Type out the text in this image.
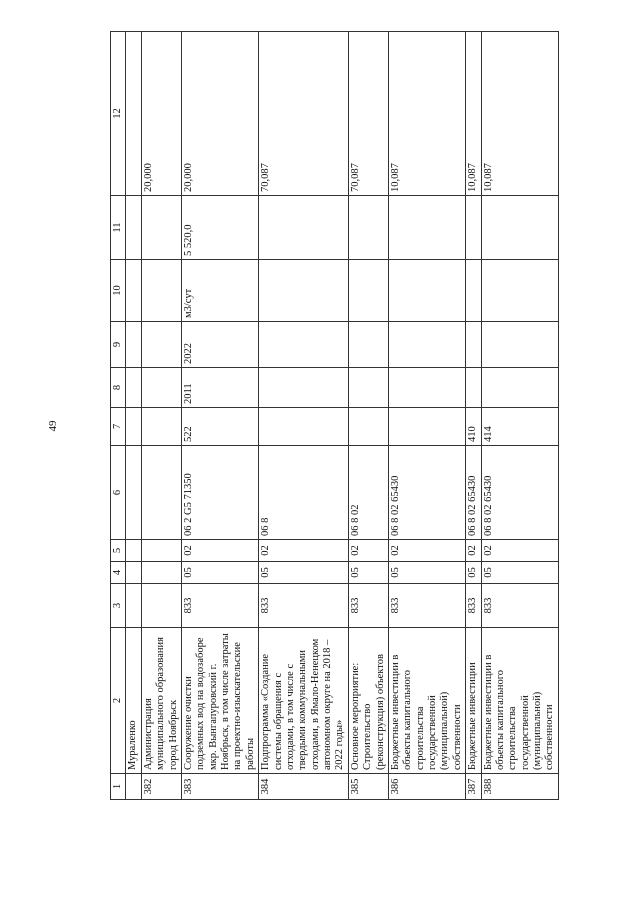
49
1	2	3	4	5	6	7	8	9	10	11	12
	Мураленко										
382	Администрация муниципального образования город Ноябрьск										20,000
383	Сооружение очистки подземных вод на водозаборе мкр. Вынгапуровский г. Ноябрьск, в том числе затраты на проектно-изыскательские работы	833	05	02	06 2 G5 71350	522	2011	2022	м3/сут	5 520,0	20,000
384	Подпрограмма «Создание системы обращения с отходами, в том числе с твердыми коммунальными отходами, в Ямало-Ненецком автономном округе на 2018 – 2022 годы»	833	05	02	06 8						70,087
385	Основное мероприятие: Строительство (реконструкция) объектов	833	05	02	06 8 02						70,087
386	Бюджетные инвестиции в объекты капитального строительства государственной (муниципальной) собственности	833	05	02	06 8 02 65430						10,087
387	Бюджетные инвестиции	833	05	02	06 8 02 65430	410					10,087
388	Бюджетные инвестиции в объекты капитального строительства государственной (муниципальной) собственности	833	05	02	06 8 02 65430	414					10,087
